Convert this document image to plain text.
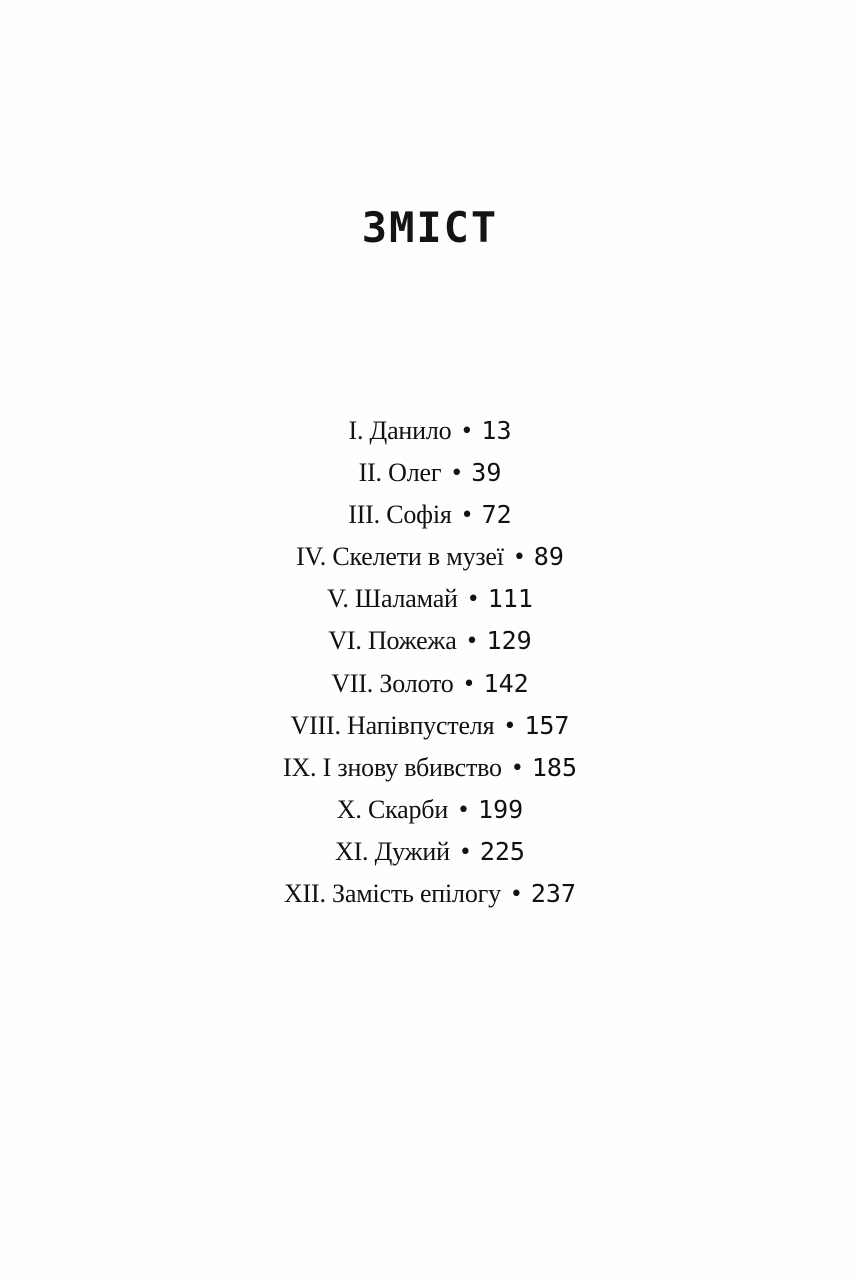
ЗМІСТ
I. Данило • 13
II. Олег • 39
III. Софія • 72
IV. Скелети в музеї • 89
V. Шаламай • 111
VI. Пожежа • 129
VII. Золото • 142
VIII. Напівпустеля • 157
IX. І знову вбивство • 185
X. Скарби • 199
XI. Дужий • 225
XII. Замість епілогу • 237
